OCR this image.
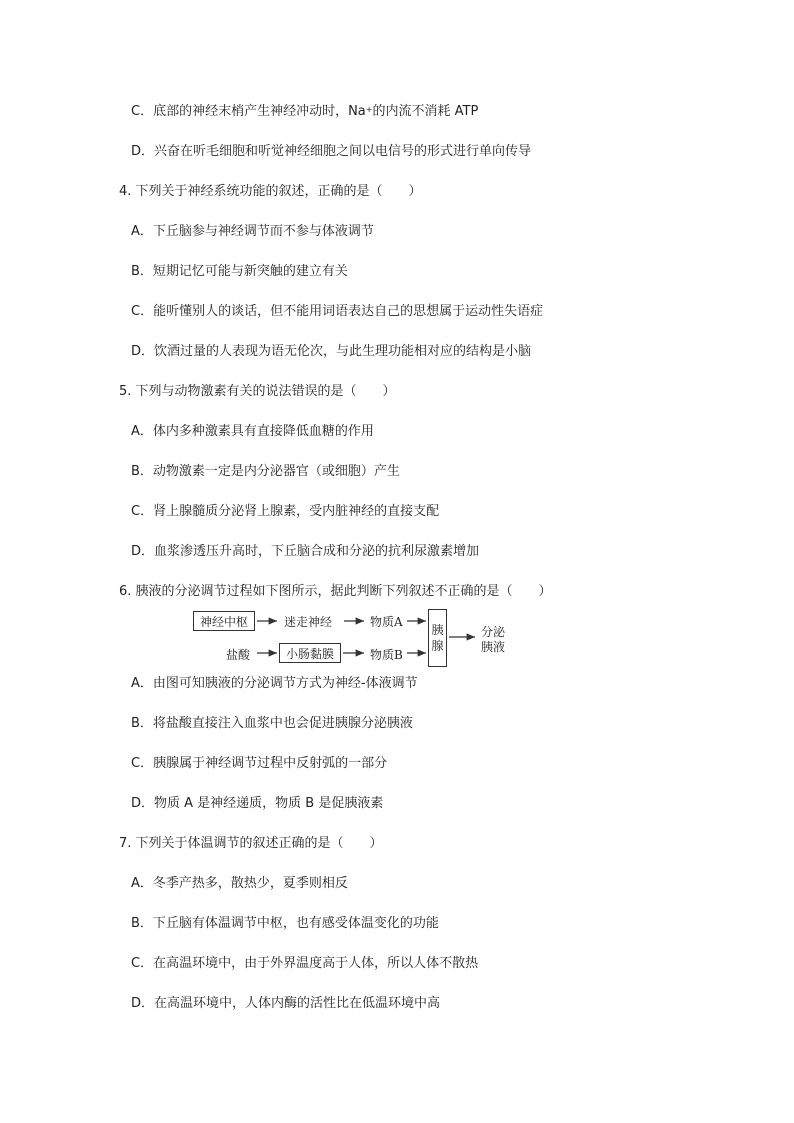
C．底部的神经末梢产生神经冲动时，Na+的内流不消耗 ATP
D．兴奋在听毛细胞和听觉神经细胞之间以电信号的形式进行单向传导
4. 下列关于神经系统功能的叙述，正确的是（　　）
A．下丘脑参与神经调节而不参与体液调节
B．短期记忆可能与新突触的建立有关
C．能听懂别人的谈话，但不能用词语表达自己的思想属于运动性失语症
D．饮酒过量的人表现为语无伦次，与此生理功能相对应的结构是小脑
5. 下列与动物激素有关的说法错误的是（　　）
A．体内多种激素具有直接降低血糖的作用
B．动物激素一定是内分泌器官（或细胞）产生
C．肾上腺髓质分泌肾上腺素，受内脏神经的直接支配
D．血浆渗透压升高时，下丘脑合成和分泌的抗利尿激素增加
6. 胰液的分泌调节过程如下图所示，据此判断下列叙述不正确的是（　　）
神经中枢	迷走神经	物质A
盐酸	小肠黏膜	物质B
胰
腺
分泌
胰液
A．由图可知胰液的分泌调节方式为神经-体液调节
B．将盐酸直接注入血浆中也会促进胰腺分泌胰液
C．胰腺属于神经调节过程中反射弧的一部分
D．物质 A 是神经递质，物质 B 是促胰液素
7. 下列关于体温调节的叙述正确的是（　　）
A．冬季产热多，散热少，夏季则相反
B．下丘脑有体温调节中枢，也有感受体温变化的功能
C．在高温环境中，由于外界温度高于人体，所以人体不散热
D．在高温环境中，人体内酶的活性比在低温环境中高
